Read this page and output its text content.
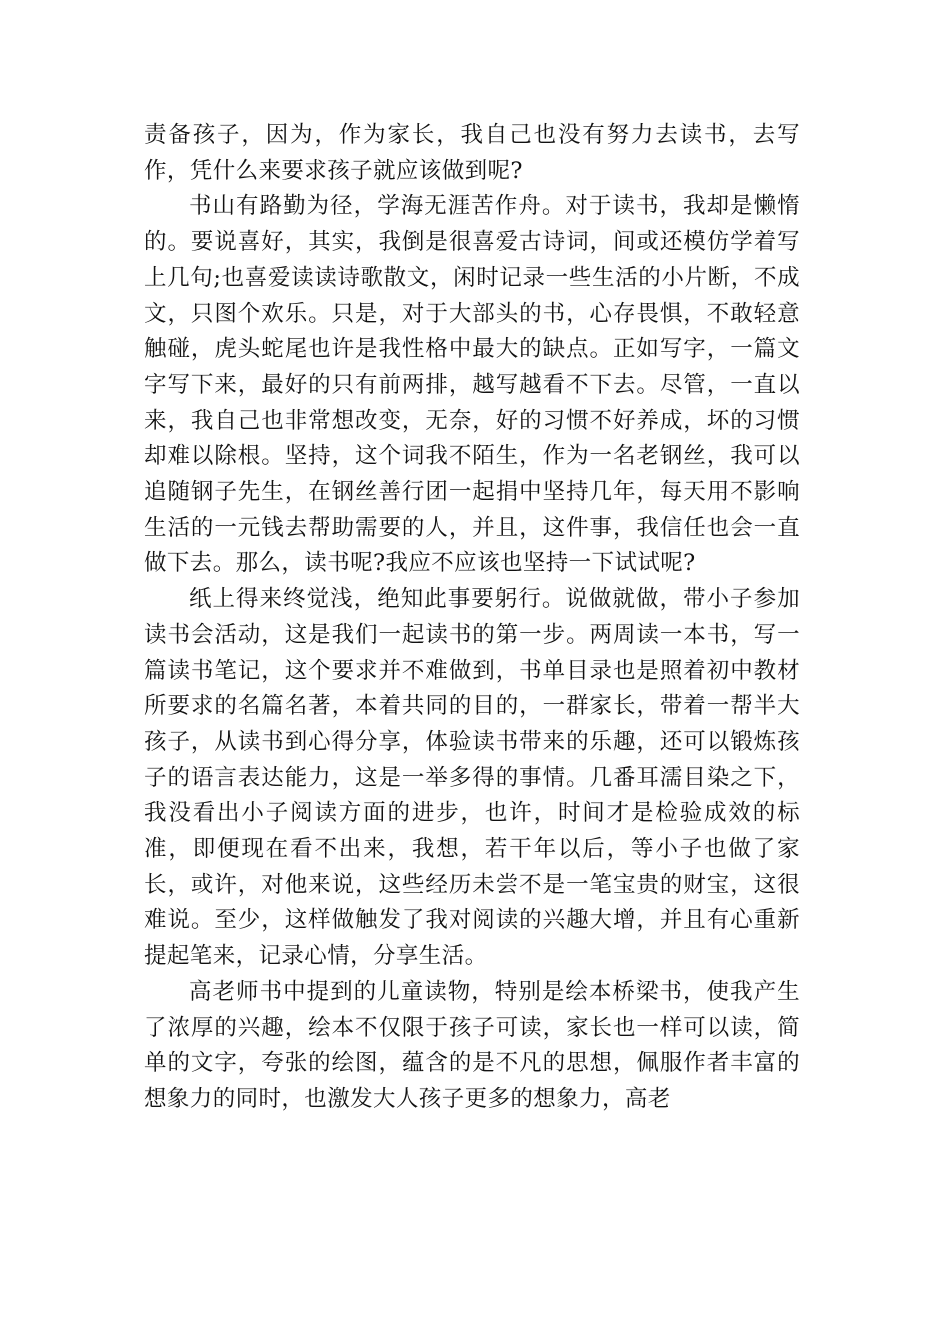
责备孩子，因为，作为家长，我自己也没有努力去读书，去写作，凭什么来要求孩子就应该做到呢?

书山有路勤为径，学海无涯苦作舟。对于读书，我却是懒惰的。要说喜好，其实，我倒是很喜爱古诗词，间或还模仿学着写上几句;也喜爱读读诗歌散文，闲时记录一些生活的小片断，不成文，只图个欢乐。只是，对于大部头的书，心存畏惧，不敢轻意触碰，虎头蛇尾也许是我性格中最大的缺点。正如写字，一篇文字写下来，最好的只有前两排，越写越看不下去。尽管，一直以来，我自己也非常想改变，无奈，好的习惯不好养成，坏的习惯却难以除根。坚持，这个词我不陌生，作为一名老钢丝，我可以追随钢子先生，在钢丝善行团一起捐中坚持几年，每天用不影响生活的一元钱去帮助需要的人，并且，这件事，我信任也会一直做下去。那么，读书呢?我应不应该也坚持一下试试呢?

纸上得来终觉浅，绝知此事要躬行。说做就做，带小子参加读书会活动，这是我们一起读书的第一步。两周读一本书，写一篇读书笔记，这个要求并不难做到，书单目录也是照着初中教材所要求的名篇名著，本着共同的目的，一群家长，带着一帮半大孩子，从读书到心得分享，体验读书带来的乐趣，还可以锻炼孩子的语言表达能力，这是一举多得的事情。几番耳濡目染之下，我没看出小子阅读方面的进步，也许，时间才是检验成效的标准，即便现在看不出来，我想，若干年以后，等小子也做了家长，或许，对他来说，这些经历未尝不是一笔宝贵的财宝，这很难说。至少，这样做触发了我对阅读的兴趣大增，并且有心重新提起笔来，记录心情，分享生活。

高老师书中提到的儿童读物，特别是绘本桥梁书，使我产生了浓厚的兴趣，绘本不仅限于孩子可读，家长也一样可以读，简单的文字，夸张的绘图，蕴含的是不凡的思想，佩服作者丰富的想象力的同时，也激发大人孩子更多的想象力，高老
